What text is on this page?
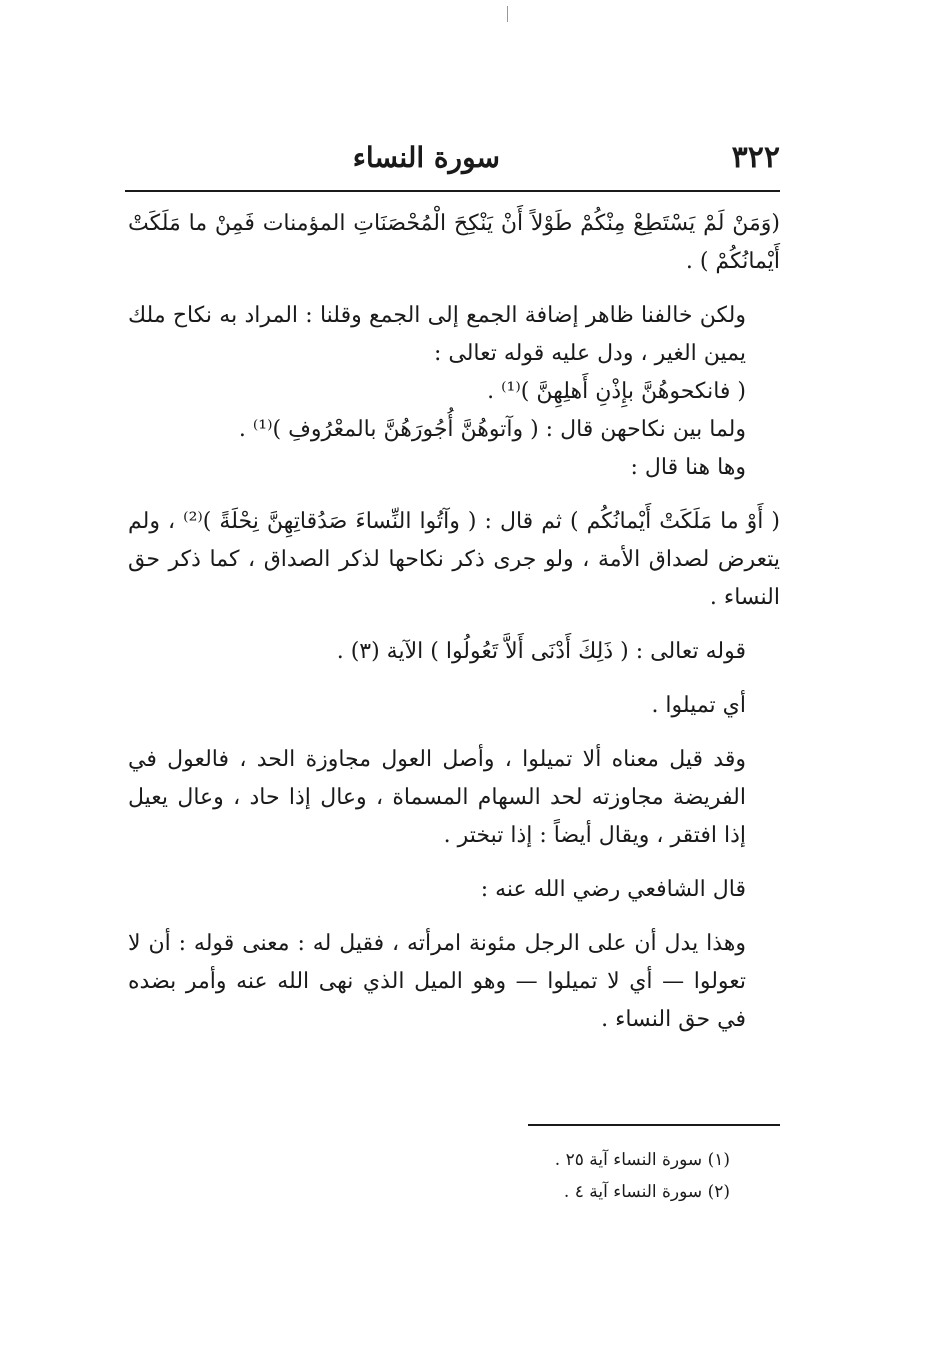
٣٢٢
سورة النساء

(وَمَنْ لَمْ يَسْتَطِعْ مِنْكُمْ طَوْلاً أَنْ يَنْكِحَ الْمُحْصَنَاتِ المؤمنات فَمِنْ ما مَلَكَتْ أَيْمانُكُمْ ) .

ولكن خالفنا ظاهر إضافة الجمع إلى الجمع وقلنا : المراد به نكاح ملك يمين الغير ، ودل عليه قوله تعالى :

( فانكحوهُنَّ بإِذْنِ أَهلِهِنَّ )⁽¹⁾ .

ولما بين نكاحهن قال : ( وآتوهُنَّ أُجُورَهُنَّ بالمعْرُوفِ )⁽¹⁾ .

وها هنا قال :

( أَوْ ما مَلَكَتْ أَيْمانُكُم ) ثم قال : ( وآتُوا النِّساءَ صَدُقاتِهِنَّ نِحْلَةً )⁽²⁾ ، ولم يتعرض لصداق الأمة ، ولو جرى ذكر نكاحها لذكر الصداق ، كما ذكر حق النساء .

قوله تعالى : ( ذَلِكَ أَدْنَى أَلاَّ تَعُولُوا ) الآية (٣) .

أي تميلوا .

وقد قيل معناه ألا تميلوا ، وأصل العول مجاوزة الحد ، فالعول في الفريضة مجاوزته لحد السهام المسماة ، وعال إذا حاد ، وعال يعيل إذا افتقر ، ويقال أيضاً : إذا تبختر .

قال الشافعي رضي الله عنه :

وهذا يدل أن على الرجل مئونة امرأته ، فقيل له : معنى قوله : أن لا تعولوا — أي لا تميلوا — وهو الميل الذي نهى الله عنه وأمر بضده في حق النساء .

(١) سورة النساء آية ٢٥ .

(٢) سورة النساء آية ٤ .
